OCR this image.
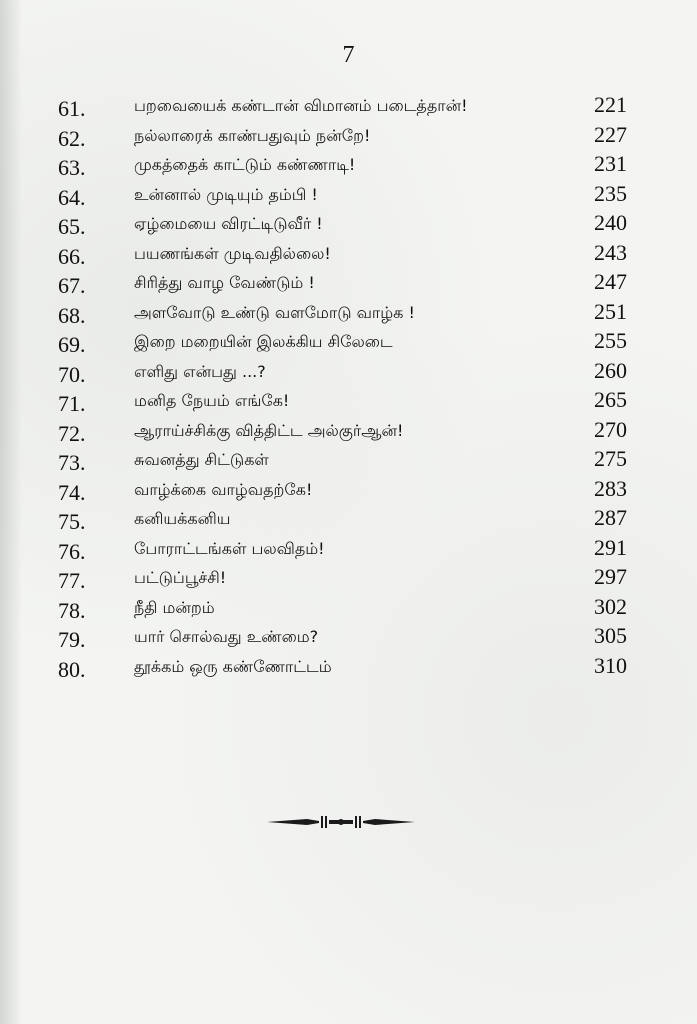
7
61.	பறவையைக் கண்டான் விமானம் படைத்தான்!	221
62.	நல்லாரைக் காண்பதுவும் நன்றே!	227
63.	முகத்தைக் காட்டும் கண்ணாடி!	231
64.	உன்னால் முடியும் தம்பி !	235
65.	ஏழ்மையை விரட்டிடுவீர் !	240
66.	பயணங்கள் முடிவதில்லை!	243
67.	சிரித்து வாழ வேண்டும் !	247
68.	அளவோடு உண்டு வளமோடு வாழ்க !	251
69.	இறை மறையின் இலக்கிய சிலேடை	255
70.	எளிது என்பது ...?	260
71.	மனித நேயம் எங்கே!	265
72.	ஆராய்ச்சிக்கு வித்திட்ட அல்குர்ஆன்!	270
73.	சுவனத்து சிட்டுகள்	275
74.	வாழ்க்கை வாழ்வதற்கே!	283
75.	கனியக்கனிய	287
76.	போராட்டங்கள் பலவிதம்!	291
77.	பட்டுப்பூச்சி!	297
78.	நீதி மன்றம்	302
79.	யார் சொல்வது உண்மை?	305
80.	தூக்கம் ஒரு கண்ணோட்டம்	310
